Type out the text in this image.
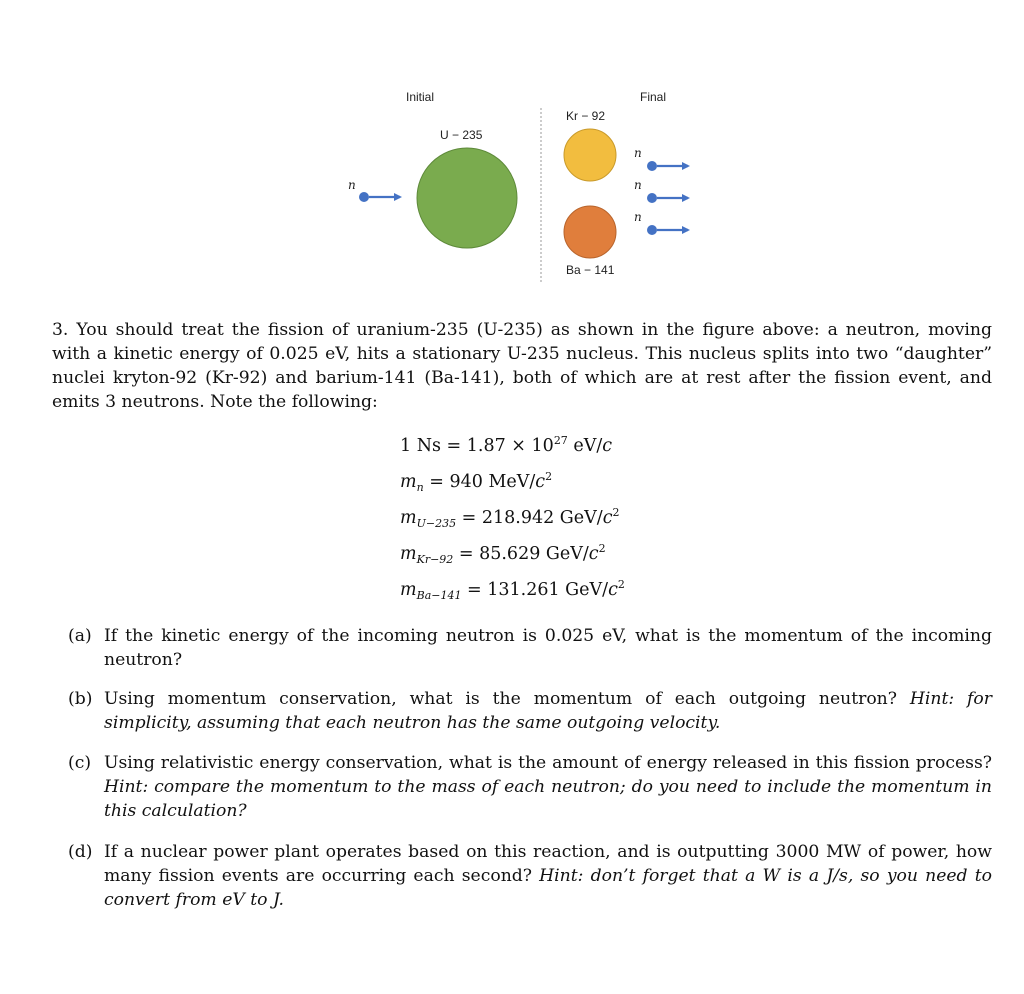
Initial	Final
n
U − 235
Kr − 92
Ba − 141
n
n
n
3. You should treat the fission of uranium-235 (U-235) as shown in the figure above: a neutron, moving with a kinetic energy of 0.025 eV, hits a stationary U-235 nucleus. This nucleus splits into two “daughter” nuclei kryton-92 (Kr-92) and barium-141 (Ba-141), both of which are at rest after the fission event, and emits 3 neutrons. Note the following:
1 $Ns = 1.87 \times 10^{27}$ eV/c
$m_n = 940$ MeV/$c^2$
$m_{U-235} = 218.942$ GeV/$c^2$
$m_{Kr-92} = 85.629$ GeV/$c^2$
$m_{Ba-141} = 131.261$ GeV/$c^2$
(a) If the kinetic energy of the incoming neutron is 0.025 eV, what is the momentum of the incoming neutron?
(b) Using momentum conservation, what is the momentum of each outgoing neutron? Hint: for simplicity, assuming that each neutron has the same outgoing velocity.
(c) Using relativistic energy conservation, what is the amount of energy released in this fission process? Hint: compare the momentum to the mass of each neutron; do you need to include the momentum in this calculation?
(d) If a nuclear power plant operates based on this reaction, and is outputting 3000 MW of power, how many fission events are occurring each second? Hint: don’t forget that a W is a J/s, so you need to convert from eV to J.
